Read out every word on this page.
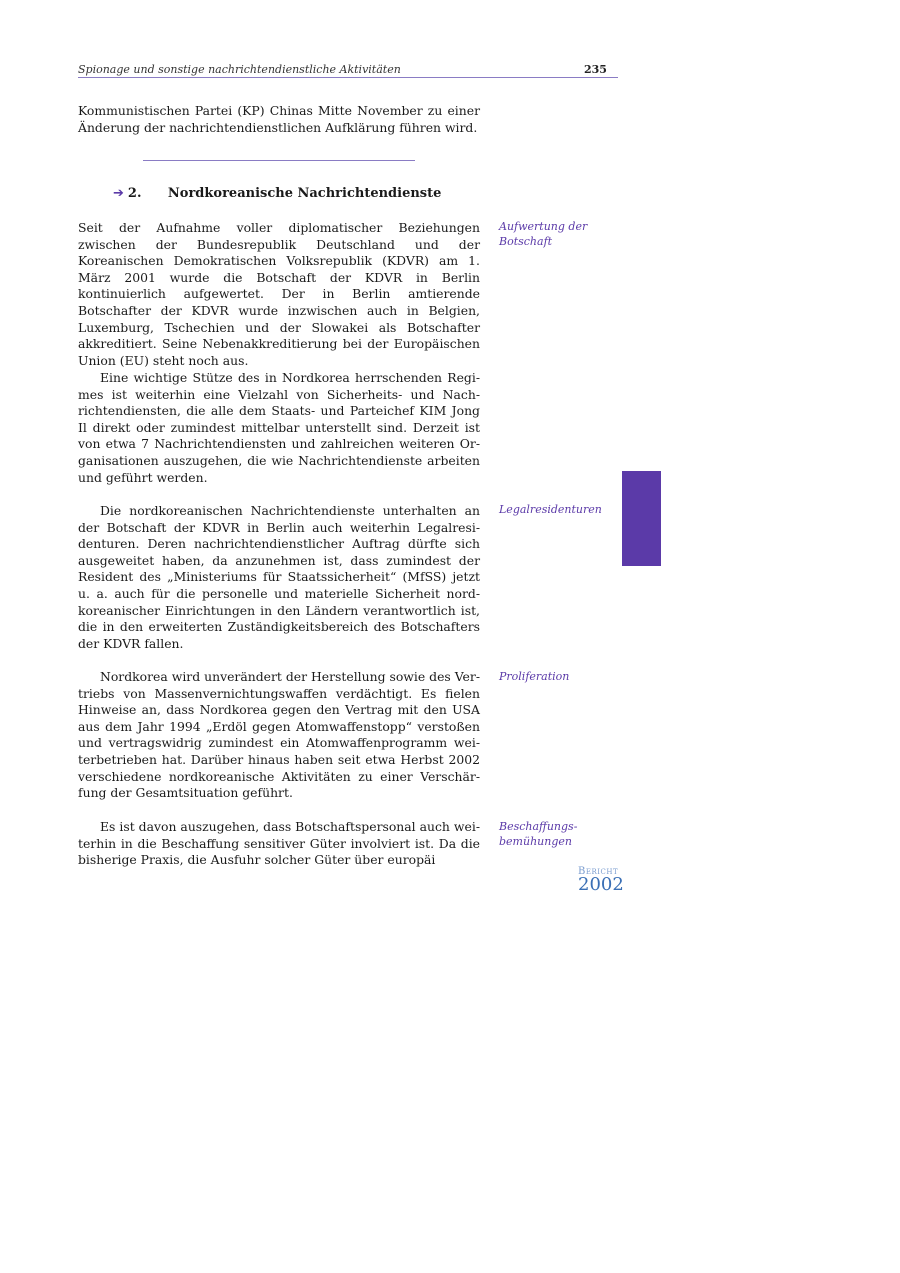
Spionage und sonstige nachrichtendienstliche Aktivitäten	235

Kommunistischen Partei (KP) Chinas Mitte November zu einer Änderung der nachrichtendienstlichen Aufklärung führen wird.

➔ 2.	Nordkoreanische Nachrichtendienste

Seit der Aufnahme voller diplomatischer Beziehungen zwischen der Bundesrepublik Deutschland und der Koreanischen Demokratischen Volksrepublik (KDVR) am 1. März 2001 wurde die Botschaft der KDVR in Berlin kontinuierlich aufgewertet. Der in Berlin amtierende Botschafter der KDVR wurde inzwischen auch in Belgien, Luxemburg, Tschechien und der Slowakei als Botschafter akkreditiert. Seine Nebenakkreditierung bei der Europäischen Union (EU) steht noch aus.

Eine wichtige Stütze des in Nordkorea herrschenden Regimes ist weiterhin eine Vielzahl von Sicherheits- und Nachrichtendiensten, die alle dem Staats- und Parteichef KIM Jong Il direkt oder zumindest mittelbar unterstellt sind. Derzeit ist von etwa 7 Nachrichtendiensten und zahlreichen weiteren Organisationen auszugehen, die wie Nachrichtendienste arbeiten und geführt werden.

Die nordkoreanischen Nachrichtendienste unterhalten an der Botschaft der KDVR in Berlin auch weiterhin Legalresidenturen. Deren nachrichtendienstlicher Auftrag dürfte sich ausgeweitet haben, da anzunehmen ist, dass zumindest der Resident des „Ministeriums für Staatssicherheit“ (MfSS) jetzt u. a. auch für die personelle und materielle Sicherheit nordkoreanischer Einrichtungen in den Ländern verantwortlich ist, die in den erweiterten Zuständigkeitsbereich des Botschafters der KDVR fallen.

Nordkorea wird unverändert der Herstellung sowie des Vertriebs von Massenvernichtungswaffen verdächtigt. Es fielen Hinweise an, dass Nordkorea gegen den Vertrag mit den USA aus dem Jahr 1994 „Erdöl gegen Atomwaffenstopp“ verstoßen und vertragswidrig zumindest ein Atomwaffenprogramm weiterbetrieben hat. Darüber hinaus haben seit etwa Herbst 2002 verschiedene nordkoreanische Aktivitäten zu einer Verschärfung der Gesamtsituation geführt.

Es ist davon auszugehen, dass Botschaftspersonal auch weiterhin in die Beschaffung sensitiver Güter involviert ist. Da die bisherige Praxis, die Ausfuhr solcher Güter über europäi

Aufwertung der Botschaft
Legalresidenturen
Proliferation
Beschaffungsbemühungen
Bericht
2002
